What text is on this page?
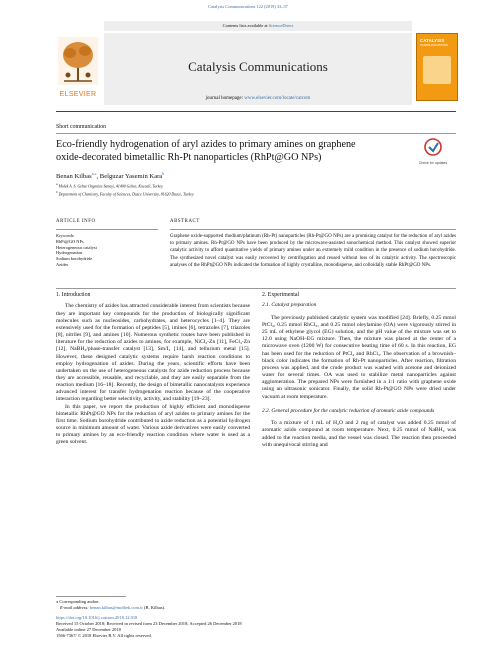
Catalysis Communications 122 (2019) 33–37
Contents lists available at ScienceDirect
Catalysis Communications
journal homepage: www.elsevier.com/locate/catcom
ELSEVIER
CATALYSIS
COMMUNICATIONS
Short communication
Eco-friendly hydrogenation of aryl azides to primary amines on graphene
oxide-decorated bimetallic Rh-Pt nanoparticles (RhPt@GO NPs)
Check for updates
Benan Kilbas$^{a,⁎}$, Belguzar Yasemin Kara$^b$
$^a$ Molek A. S. Gebze Organize Sanayi, 41400 Gebze, Kocaeli, Turkey
$^b$ Department of Chemistry, Faculty of Sciences, Duzce University, 81620 Duzce, Turkey
ARTICLE INFO	ABSTRACT
Keywords:
RhPt@GO NPs
Heterogeneous catalyst
Hydrogenation
Sodium borohydride
Azides
Graphene oxide-supported rhodium/platinum (Rh-Pt) nanoparticles (Rh-Pt@GO NPs) are a promising catalyst for the reduction of aryl azides to primary amines. Rh-Pt@GO NPs have been produced by the microwave-assisted sonochemical method. This catalyst showed superior catalytic activity to afford quantitative yields of primary amines under an extremely mild condition in the presence of sodium borohydride. The synthesized novel catalyst was easily recovered by centrifugation and reused without loss of its catalytic activity. The spectroscopic analyses of the RhPt@GO NPs indicated the formation of highly crystalline, monodisperse, and colloidally stable RhPt@GO NPs.
1. Introduction

The chemistry of azides has attracted considerable interest from scientists because they are important key compounds for the production of biologically significant molecules such as nucleosides, carbohydrates, and heterocycles [1–4]. They are extensively used for the formation of peptides [5], imines [6], tetrazoles [7], triazoles [8], nitriles [9], and amines [10]. Numerous synthetic routes have been published in literature for the reduction of azides to amines, for example, NiCl₂-Zn [11], FeCl₃-Zn [12], NaBH₄/phase-transfer catalyst [13], Sm/I₂ [14], and tellurium metal [15]. However, these designed catalytic systems require harsh reaction conditions to employ hydrogenation of azides. During the years, scientific efforts have been undertaken on the use of heterogeneous catalysts for azide reduction process because they are accessible, reusable, and recyclable, and they are easily separable from the reaction medium [16–18]. Recently, the design of bimetallic nanocatalysts experience advanced interest for transfer hydrogenation reaction because of the cooperative interaction regarding better selectivity, activity, and stability [19–23].

In this paper, we report the production of highly efficient and monodisperse bimetallic RhPt@GO NPs for the reduction of aryl azides to primary amines for the first time. Sodium borohydride contributed to azide reduction as a potential hydrogen source in minimum amount of water. Various azide derivatives were easily converted to primary amines by an eco-friendly reaction condition where water is used as a green solvent.

2. Experimental
2.1. Catalyst preparation

The previously published catalytic system was modified [24]. Briefly, 0.25 mmol PtCl₄, 0.25 mmol RhCl₃, and 0.25 mmol oleylamine (OA) were vigorously stirred in 25 mL of ethylene glycol (EG) solution, and the pH value of the mixture was set to 12.0 using NaOH–EG mixture. Then, the mixture was placed at the center of a microwave oven (1200 W) for consecutive heating time of 60 s. In this reaction, EG has been used for the reduction of PtCl₄ and RhCl₃. The observation of a brownish–black color indicates the formation of Rh-Pt nanoparticles. After reaction, filtration process was applied, and the crude product was washed with acetone and deionized water for several times. OA was used to stabilize metal nanoparticles against agglomeration. The prepared NPs were furnished in a 1:1 ratio with graphene oxide using an ultrasonic sonicator. Finally, the solid Rh-Pt@GO NPs were dried under vacuum at room temperature.

2.2. General procedure for the catalytic reduction of aromatic azide compounds

To a mixture of 1 mL of H₂O and 2 mg of catalyst was added 0.25 mmol of aromatic azido compound at room temperature. Next, 0.25 mmol of NaBH₄ was added to the reaction media, and the vessel was closed. The reaction then proceeded with unequivocal stirring and

⁎ Corresponding author.
E-mail address: benan.kilbas@molbek.com.tr (B. Kilbas).
https://doi.org/10.1016/j.catcom.2018.12.018
Received 15 October 2018; Received in revised form 23 December 2018; Accepted 26 December 2018
Available online 27 December 2018
1566-7367/ © 2018 Elsevier B.V. All rights reserved.
